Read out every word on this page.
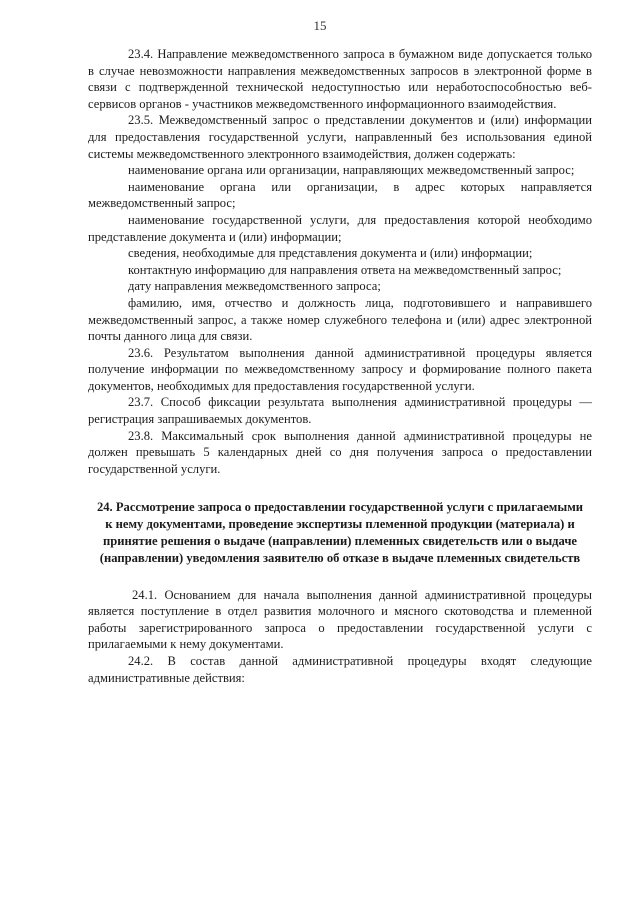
15

23.4. Направление межведомственного запроса в бумажном виде допускается только в случае невозможности направления межведомственных запросов в электронной форме в связи с подтвержденной технической недоступностью или неработоспособностью веб-сервисов органов - участников межведомственного информационного взаимодействия.

23.5. Межведомственный запрос о представлении документов и (или) информации для предоставления государственной услуги, направленный без использования единой системы межведомственного электронного взаимодействия, должен содержать:

наименование органа или организации, направляющих межведомственный запрос;

наименование органа или организации, в адрес которых направляется межведомственный запрос;

наименование государственной услуги, для предоставления которой необходимо представление документа и (или) информации;

сведения, необходимые для представления документа и (или) информации;

контактную информацию для направления ответа на межведомственный запрос;

дату направления межведомственного запроса;

фамилию, имя, отчество и должность лица, подготовившего и направившего межведомственный запрос, а также номер служебного телефона и (или) адрес электронной почты данного лица для связи.

23.6. Результатом выполнения данной административной процедуры является получение информации по межведомственному запросу и формирование полного пакета документов, необходимых для предоставления государственной услуги.

23.7. Способ фиксации результата выполнения административной процедуры — регистрация запрашиваемых документов.

23.8. Максимальный срок выполнения данной административной процедуры не должен превышать 5 календарных дней со дня получения запроса о предоставлении государственной услуги.

24. Рассмотрение запроса о предоставлении государственной услуги с прилагаемыми к нему документами, проведение экспертизы племенной продукции (материала) и принятие решения о выдаче (направлении) племенных свидетельств или о выдаче (направлении) уведомления заявителю об отказе в выдаче племенных свидетельств

24.1. Основанием для начала выполнения данной административной процедуры является поступление в отдел развития молочного и мясного скотоводства и племенной работы зарегистрированного запроса о предоставлении государственной услуги с прилагаемыми к нему документами.

24.2. В состав данной административной процедуры входят следующие административные действия:
